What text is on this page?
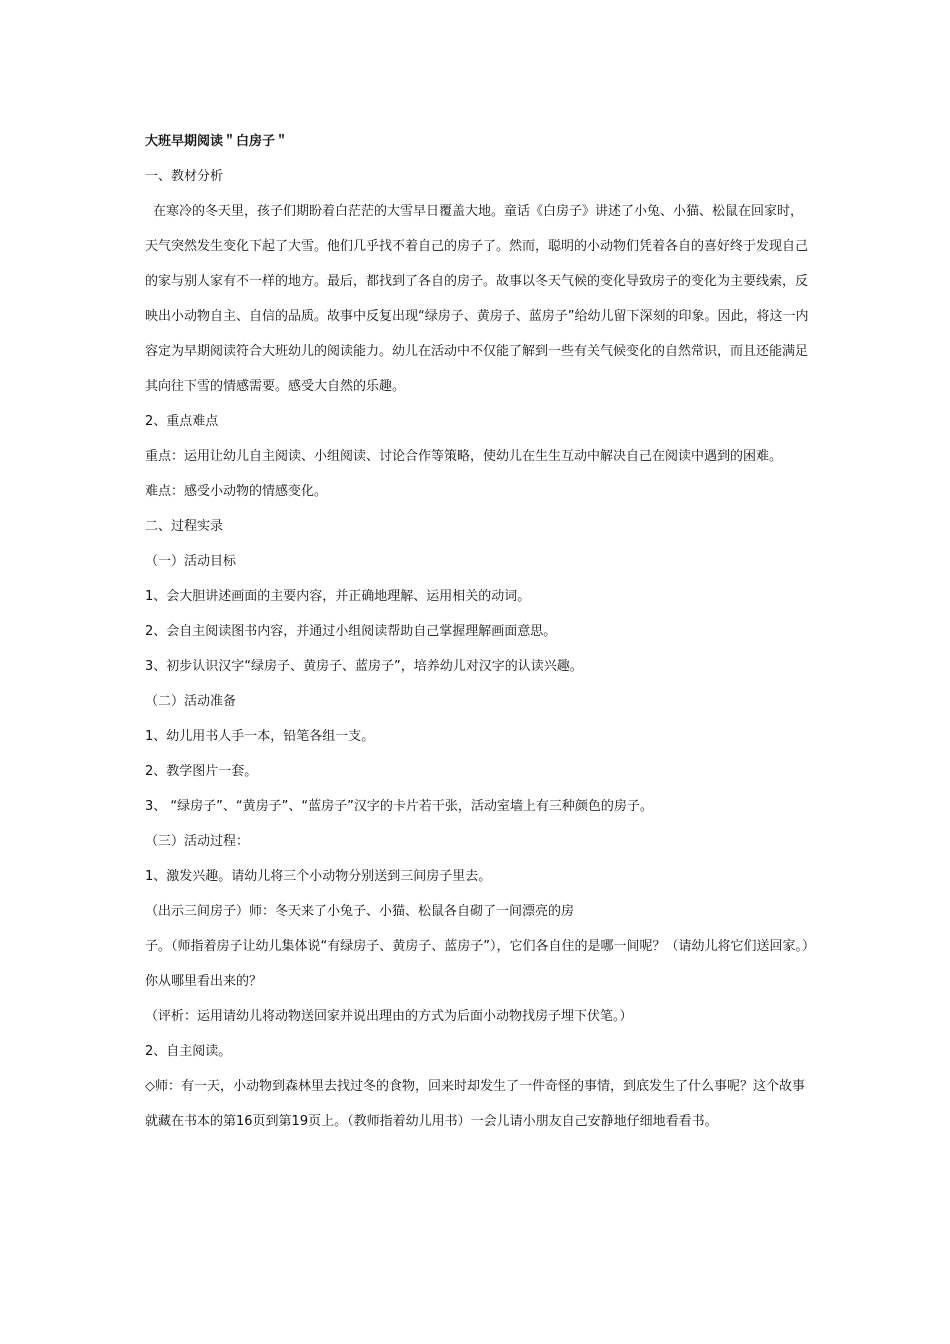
大班早期阅读＂白房子＂

一、教材分析

在寒冷的冬天里，孩子们期盼着白茫茫的大雪早日覆盖大地。童话《白房子》讲述了小兔、小猫、松鼠在回家时，天气突然发生变化下起了大雪。他们几乎找不着自己的房子了。然而，聪明的小动物们凭着各自的喜好终于发现自己的家与别人家有不一样的地方。最后，都找到了各自的房子。故事以冬天气候的变化导致房子的变化为主要线索，反映出小动物自主、自信的品质。故事中反复出现“绿房子、黄房子、蓝房子”给幼儿留下深刻的印象。因此，将这一内容定为早期阅读符合大班幼儿的阅读能力。幼儿在活动中不仅能了解到一些有关气候变化的自然常识，而且还能满足其向往下雪的情感需要。感受大自然的乐趣。

2、重点难点

重点：运用让幼儿自主阅读、小组阅读、讨论合作等策略，使幼儿在生生互动中解决自己在阅读中遇到的困难。

难点：感受小动物的情感变化。

二、过程实录

（一）活动目标

1、会大胆讲述画面的主要内容，并正确地理解、运用相关的动词。

2、会自主阅读图书内容，并通过小组阅读帮助自己掌握理解画面意思。

3、初步认识汉字“绿房子、黄房子、蓝房子”，培养幼儿对汉字的认读兴趣。

（二）活动准备

1、幼儿用书人手一本，铅笔各组一支。

2、教学图片一套。

3、 “绿房子”、“黄房子”、“蓝房子”汉字的卡片若干张，活动室墙上有三种颜色的房子。

（三）活动过程：

1、激发兴趣。请幼儿将三个小动物分别送到三间房子里去。

（出示三间房子）师：冬天来了小兔子、小猫、松鼠各自砌了一间漂亮的房

子。（师指着房子让幼儿集体说“有绿房子、黄房子、蓝房子”），它们各自住的是哪一间呢？（请幼儿将它们送回家。）你从哪里看出来的？

（评析：运用请幼儿将动物送回家并说出理由的方式为后面小动物找房子埋下伏笔。）

2、自主阅读。

◇师：有一天，小动物到森林里去找过冬的食物，回来时却发生了一件奇怪的事情，到底发生了什么事呢？这个故事就藏在书本的第16页到第19页上。（教师指着幼儿用书）一会儿请小朋友自己安静地仔细地看看书。
